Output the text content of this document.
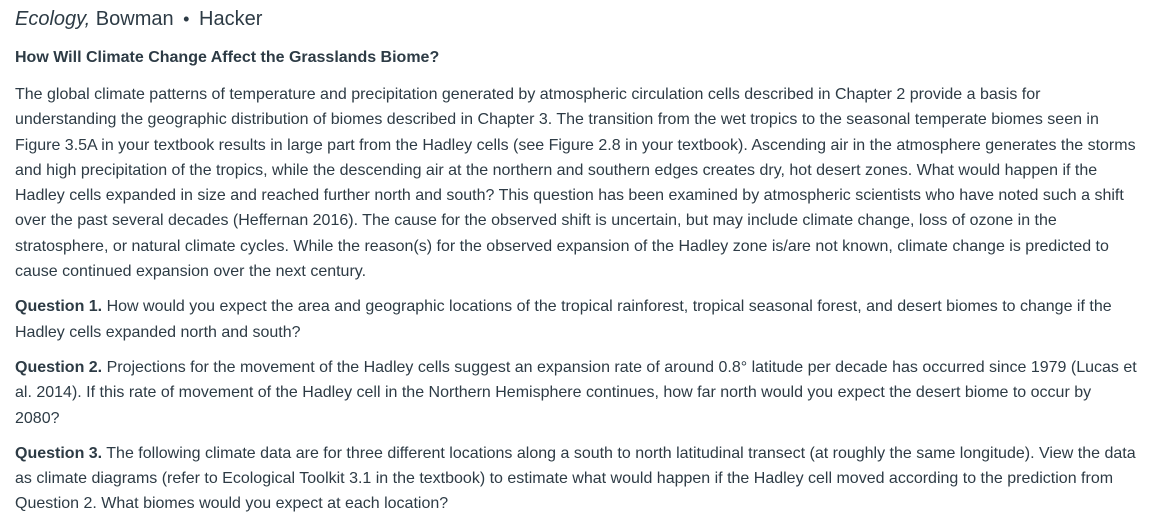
Ecology, Bowman • Hacker
How Will Climate Change Affect the Grasslands Biome?

The global climate patterns of temperature and precipitation generated by atmospheric circulation cells described in Chapter 2 provide a basis for understanding the geographic distribution of biomes described in Chapter 3. The transition from the wet tropics to the seasonal temperate biomes seen in Figure 3.5A in your textbook results in large part from the Hadley cells (see Figure 2.8 in your textbook). Ascending air in the atmosphere generates the storms and high precipitation of the tropics, while the descending air at the northern and southern edges creates dry, hot desert zones. What would happen if the Hadley cells expanded in size and reached further north and south? This question has been examined by atmospheric scientists who have noted such a shift over the past several decades (Heffernan 2016). The cause for the observed shift is uncertain, but may include climate change, loss of ozone in the stratosphere, or natural climate cycles. While the reason(s) for the observed expansion of the Hadley zone is/are not known, climate change is predicted to cause continued expansion over the next century.

Question 1. How would you expect the area and geographic locations of the tropical rainforest, tropical seasonal forest, and desert biomes to change if the Hadley cells expanded north and south?

Question 2. Projections for the movement of the Hadley cells suggest an expansion rate of around 0.8° latitude per decade has occurred since 1979 (Lucas et al. 2014). If this rate of movement of the Hadley cell in the Northern Hemisphere continues, how far north would you expect the desert biome to occur by 2080?

Question 3. The following climate data are for three different locations along a south to north latitudinal transect (at roughly the same longitude). View the data as climate diagrams (refer to Ecological Toolkit 3.1 in the textbook) to estimate what would happen if the Hadley cell moved according to the prediction from Question 2. What biomes would you expect at each location?
